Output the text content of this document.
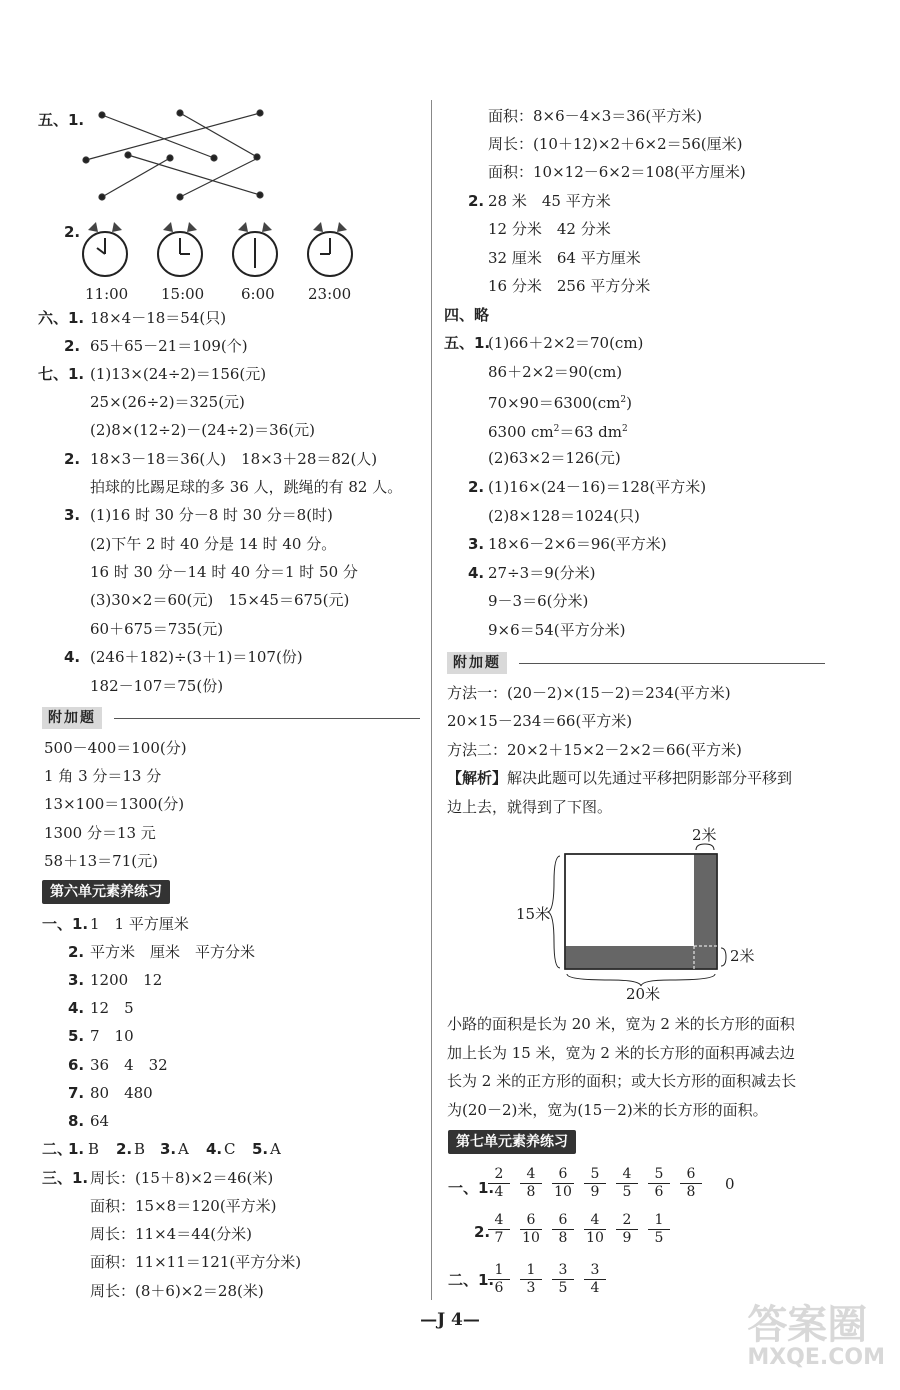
五、1.
2.
11:00 15:00 6:00 23:00
六、1. 18×4－18＝54(只)
2. 65＋65－21＝109(个)
七、1. (1)13×(24÷2)＝156(元)
25×(26÷2)＝325(元)
(2)8×(12÷2)－(24÷2)＝36(元)
2. 18×3－18＝36(人)　18×3＋28＝82(人)
拍球的比踢足球的多 36 人，跳绳的有 82 人。
3. (1)16 时 30 分－8 时 30 分＝8(时)
(2)下午 2 时 40 分是 14 时 40 分。
16 时 30 分－14 时 40 分＝1 时 50 分
(3)30×2＝60(元)　15×45＝675(元)
60＋675＝735(元)
4. (246＋182)÷(3＋1)＝107(份)
182－107＝75(份)
附加题
500－400＝100(分)
1 角 3 分＝13 分
13×100＝1300(分)
1300 分＝13 元
58＋13＝71(元)
第六单元素养练习
一、1. 1　1 平方厘米
2. 平方米　厘米　平方分米
3. 1200　12
4. 12　5
5. 7　10
6. 36　4　32
7. 80　480
8. 64
二、
1. B 2. B 3. A 4. C 5. A
三、1. 周长：(15＋8)×2＝46(米)
面积：15×8＝120(平方米)
周长：11×4＝44(分米)
面积：11×11＝121(平方分米)
周长：(8＋6)×2＝28(米)
面积：8×6－4×3＝36(平方米)
周长：(10＋12)×2＋6×2＝56(厘米)
面积：10×12－6×2＝108(平方厘米)
2. 28 米　45 平方米
12 分米　42 分米
32 厘米　64 平方厘米
16 分米　256 平方分米
四、略
五、1.
(1)66＋2×2＝70(cm)
86＋2×2＝90(cm)
$70\times 90=6300(cm^2)$
6300 $cm^2=63$ $dm^2$
(2)63×2＝126(元)
2. (1)16×(24－16)＝128(平方米)
(2)8×128＝1024(只)
3. 18×6－2×6＝96(平方米)
4. 27÷3＝9(分米)
9－3＝6(分米)
9×6＝54(平方分米)
附加题
方法一：(20－2)×(15－2)＝234(平方米)
20×15－234＝66(平方米)
方法二：20×2＋15×2－2×2＝66(平方米)
【解析】解决此题可以先通过平移把阴影部分平移到
边上去，就得到了下图。
2米
15米
2米
20米
小路的面积是长为 20 米，宽为 2 米的长方形的面积
加上长为 15 米，宽为 2 米的长方形的面积再减去边
长为 2 米的正方形的面积；或大长方形的面积减去长
为(20－2)米，宽为(15－2)米的长方形的面积。
第七单元素养练习
一、1.
$\frac{2}{4} \frac{4}{8} \frac{6}{10} \frac{5}{9} \frac{4}{5} \frac{5}{6} \frac{6}{8} 0$
2.
$\frac{4}{7} \frac{6}{10} \frac{6}{8} \frac{4}{10} \frac{2}{9} \frac{1}{5}$
二、1.
$\frac{1}{6} \frac{1}{3} \frac{3}{5} \frac{3}{4}$
—J 4—	答案圈
MXQE.COM
